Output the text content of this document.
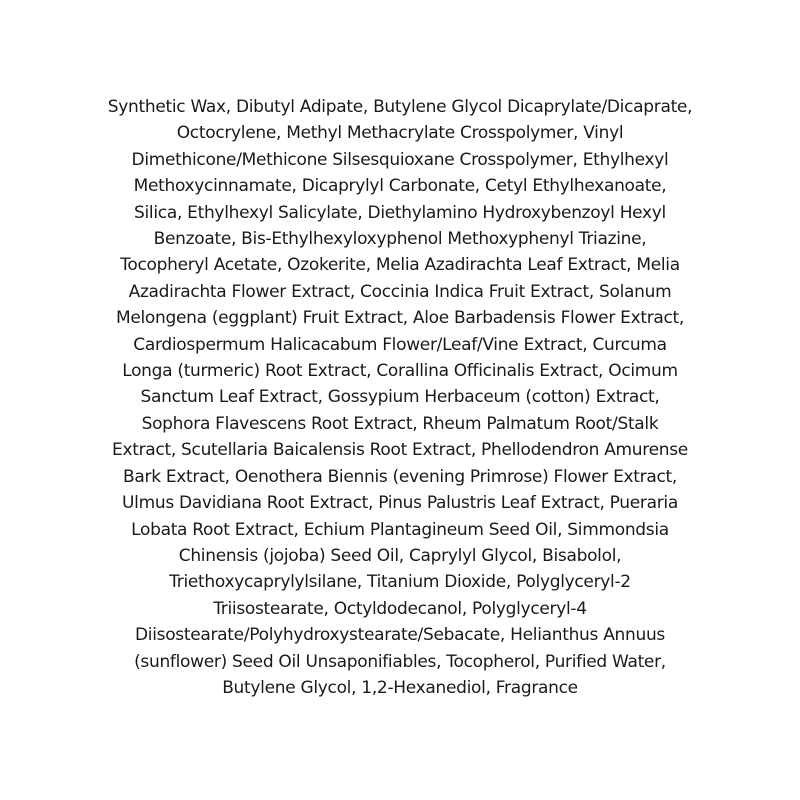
Synthetic Wax, Dibutyl Adipate, Butylene Glycol Dicaprylate/Dicaprate,
Octocrylene, Methyl Methacrylate Crosspolymer, Vinyl
Dimethicone/Methicone Silsesquioxane Crosspolymer, Ethylhexyl
Methoxycinnamate, Dicaprylyl Carbonate, Cetyl Ethylhexanoate,
Silica, Ethylhexyl Salicylate, Diethylamino Hydroxybenzoyl Hexyl
Benzoate, Bis-Ethylhexyloxyphenol Methoxyphenyl Triazine,
Tocopheryl Acetate, Ozokerite, Melia Azadirachta Leaf Extract, Melia
Azadirachta Flower Extract, Coccinia Indica Fruit Extract, Solanum
Melongena (eggplant) Fruit Extract, Aloe Barbadensis Flower Extract,
Cardiospermum Halicacabum Flower/Leaf/Vine Extract, Curcuma
Longa (turmeric) Root Extract, Corallina Officinalis Extract, Ocimum
Sanctum Leaf Extract, Gossypium Herbaceum (cotton) Extract,
Sophora Flavescens Root Extract, Rheum Palmatum Root/Stalk
Extract, Scutellaria Baicalensis Root Extract, Phellodendron Amurense
Bark Extract, Oenothera Biennis (evening Primrose) Flower Extract,
Ulmus Davidiana Root Extract, Pinus Palustris Leaf Extract, Pueraria
Lobata Root Extract, Echium Plantagineum Seed Oil, Simmondsia
Chinensis (jojoba) Seed Oil, Caprylyl Glycol, Bisabolol,
Triethoxycaprylylsilane, Titanium Dioxide, Polyglyceryl-2
Triisostearate, Octyldodecanol, Polyglyceryl-4
Diisostearate/Polyhydroxystearate/Sebacate, Helianthus Annuus
(sunflower) Seed Oil Unsaponifiables, Tocopherol, Purified Water,
Butylene Glycol, 1,2-Hexanediol, Fragrance
